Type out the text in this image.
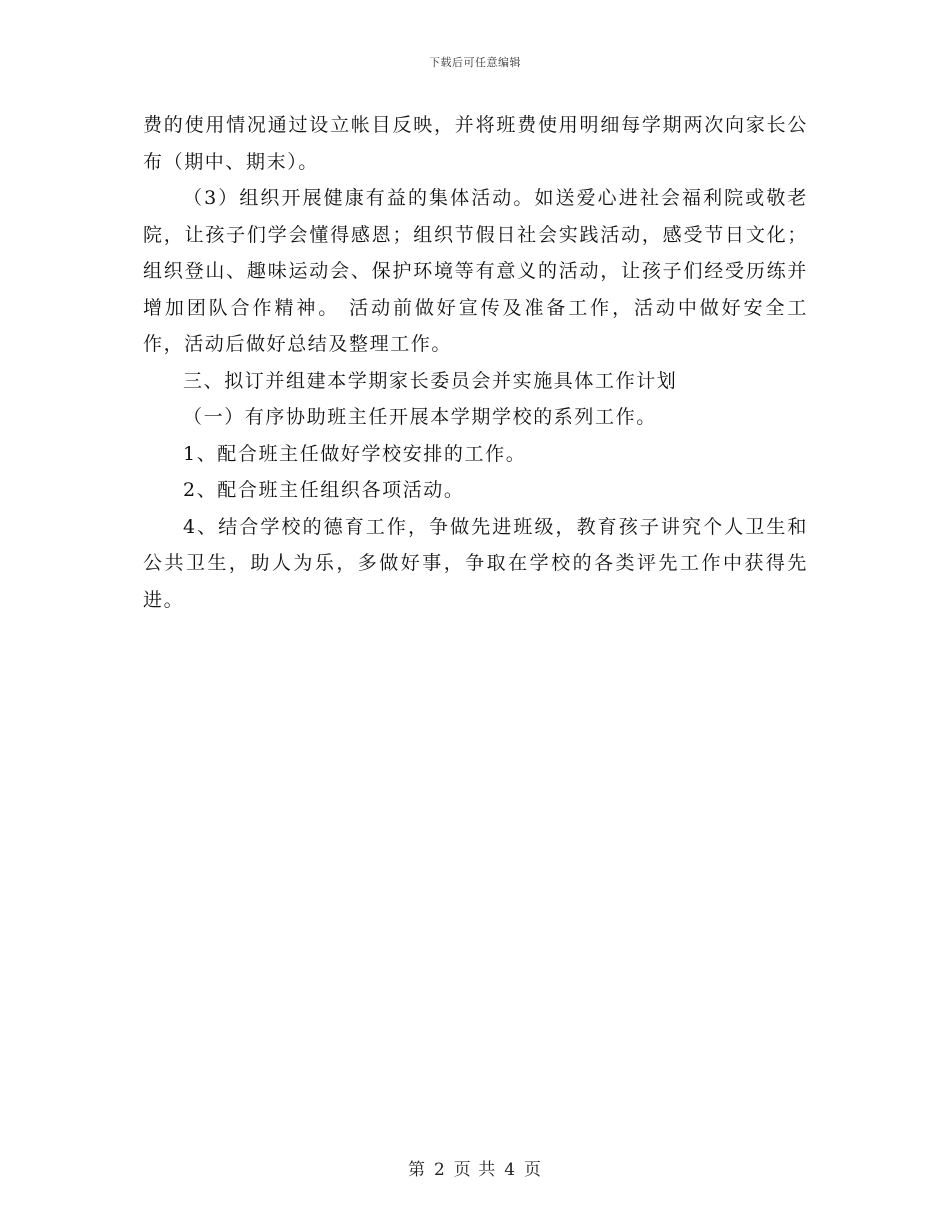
下载后可任意编辑

费的使用情况通过设立帐目反映，并将班费使用明细每学期两次向家长公布（期中、期末）。

（3）组织开展健康有益的集体活动。如送爱心进社会福利院或敬老院，让孩子们学会懂得感恩；组织节假日社会实践活动，感受节日文化；组织登山、趣味运动会、保护环境等有意义的活动，让孩子们经受历练并增加团队合作精神。 活动前做好宣传及准备工作，活动中做好安全工作，活动后做好总结及整理工作。

三、拟订并组建本学期家长委员会并实施具体工作计划

（一）有序协助班主任开展本学期学校的系列工作。

1、配合班主任做好学校安排的工作。

2、配合班主任组织各项活动。

4、结合学校的德育工作，争做先进班级，教育孩子讲究个人卫生和公共卫生，助人为乐，多做好事，争取在学校的各类评先工作中获得先进。

第 2 页 共 4 页
